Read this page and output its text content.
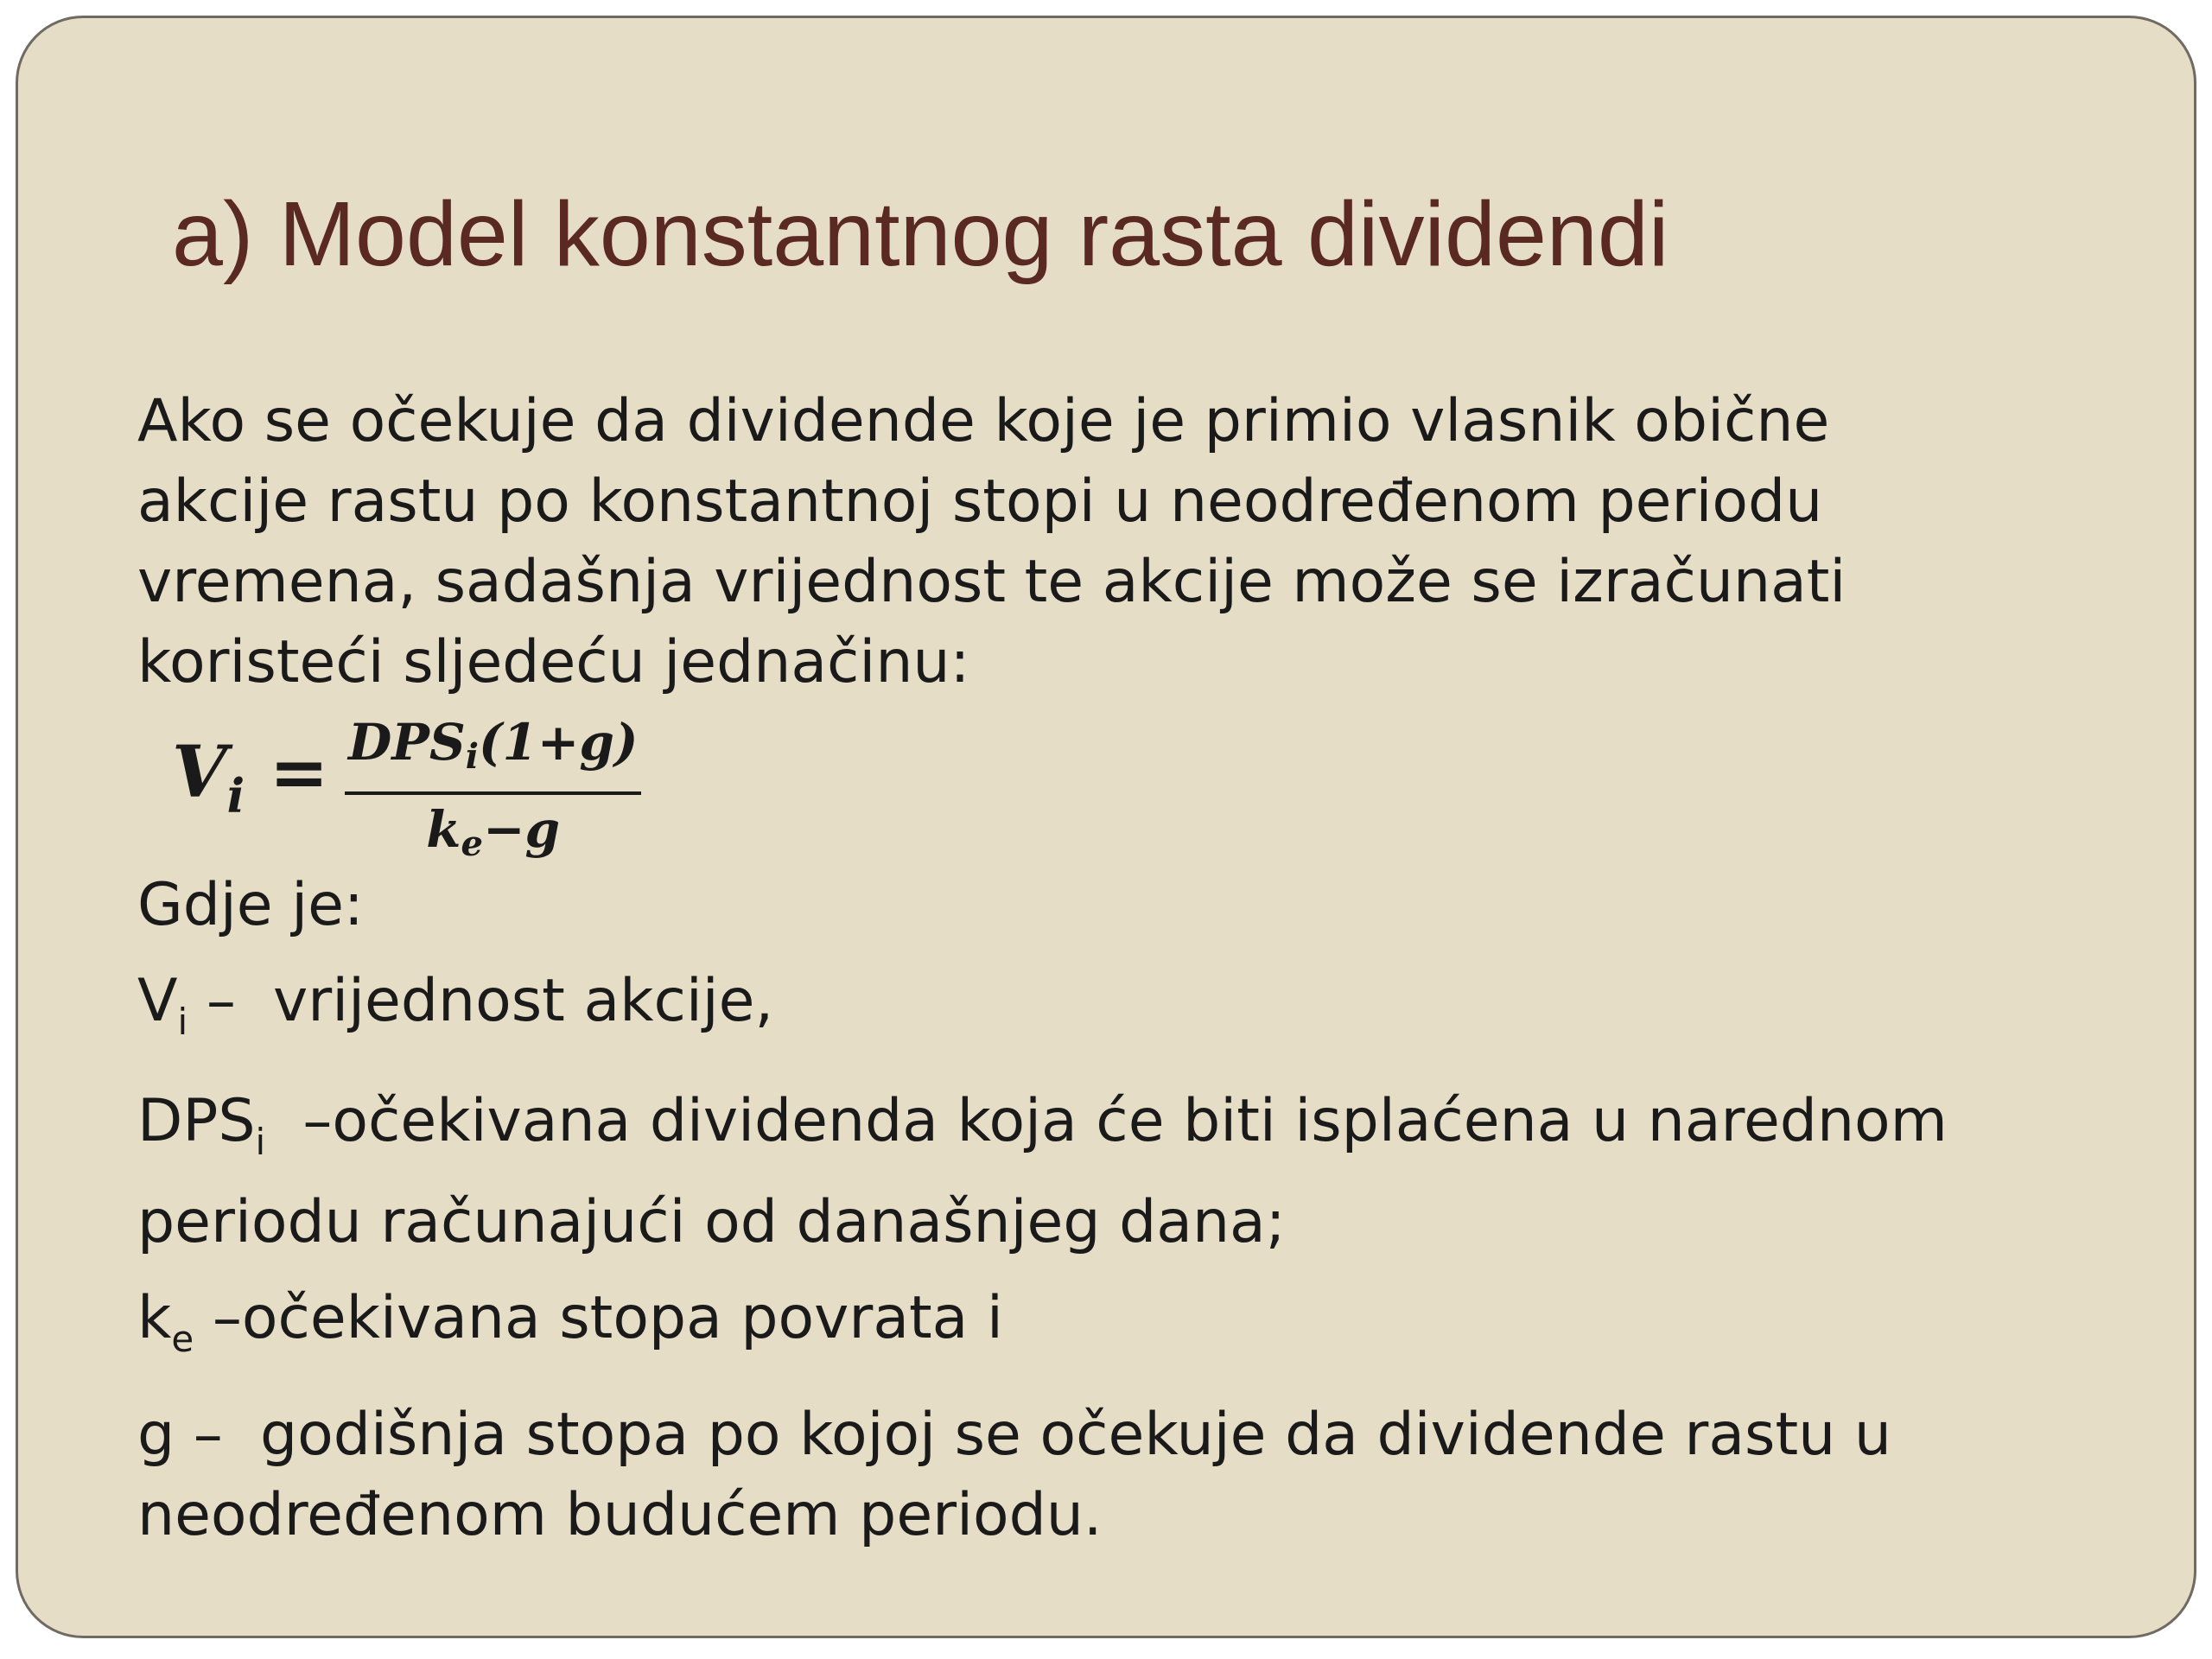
a) Model konstantnog rasta dividendi

Ako se očekuje da dividende koje je primio vlasnik obične

akcije rastu po konstantnoj stopi u neodređenom periodu

vremena, sadašnja vrijednost te akcije može se izračunati

koristeći sljedeću jednačinu:

$V_i = DPS_i(1+g)$
$k_e-g$

Gdje je:

$V_i$ –  vrijednost akcije,

$DPS_i$  –očekivana dividenda koja će biti isplaćena u narednom

periodu računajući od današnjeg dana;

$k_e$ –očekivana stopa povrata i

g –  godišnja stopa po kojoj se očekuje da dividende rastu u

neodređenom budućem periodu.
